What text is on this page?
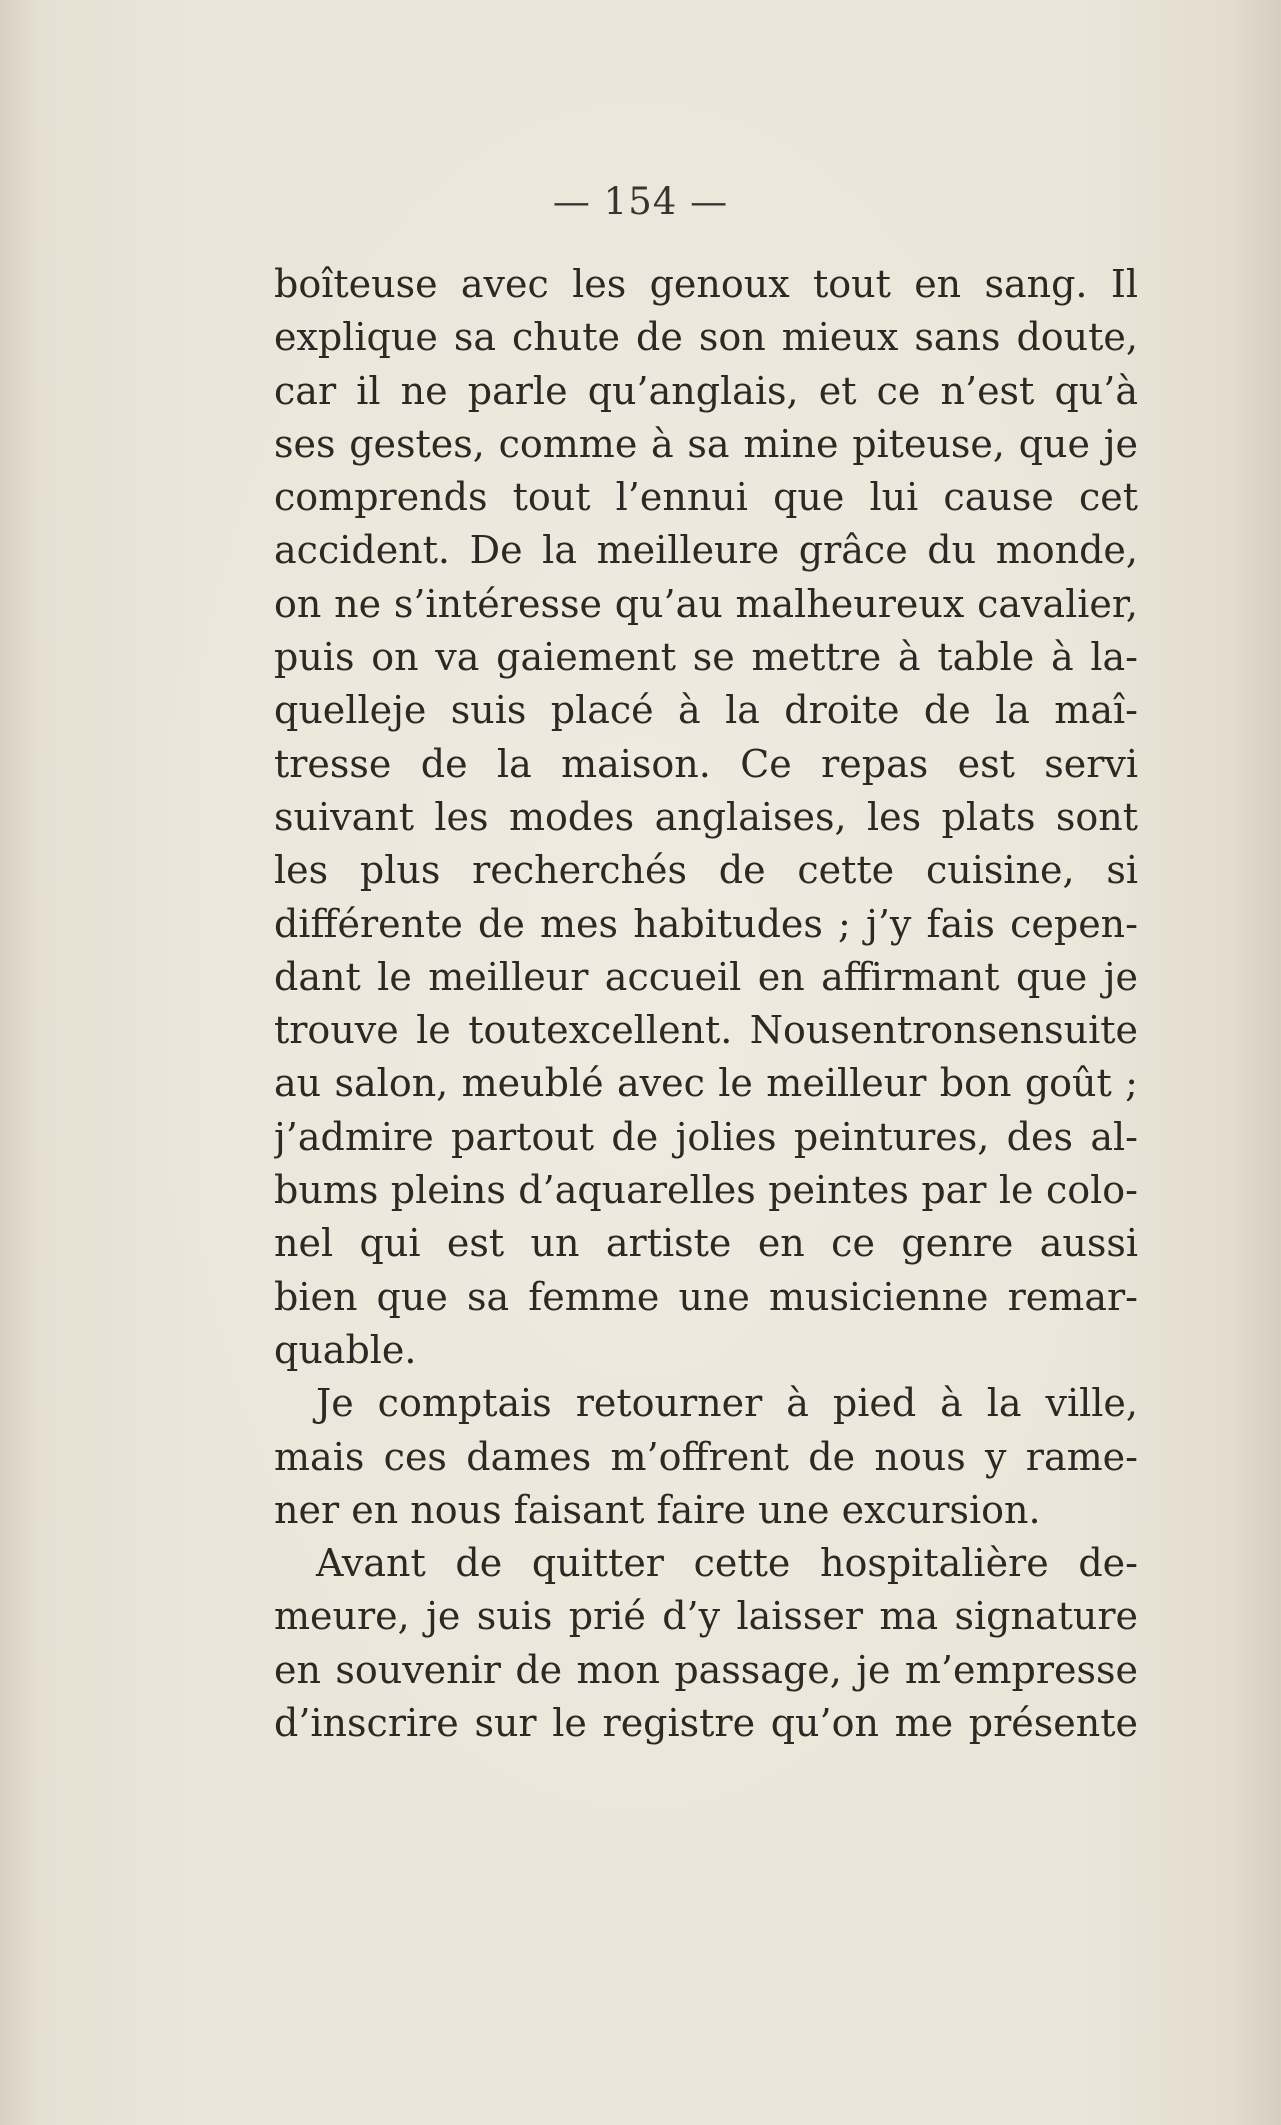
— 154 —
boîteuse avec les genoux tout en sang. Il
explique sa chute de son mieux sans doute,
car il ne parle qu’anglais, et ce n’est qu’à
ses gestes, comme à sa mine piteuse, que je
comprends tout l’ennui que lui cause cet
accident. De la meilleure grâce du monde,
on ne s’intéresse qu’au malheureux cavalier,
puis on va gaiement se mettre à table à la-
quelleje suis placé à la droite de la maî-
tresse de la maison. Ce repas est servi
suivant les modes anglaises, les plats sont
les plus recherchés de cette cuisine, si
différente de mes habitudes ; j’y fais cepen-
dant le meilleur accueil en affirmant que je
trouve le toutexcellent. Nousentronsensuite
au salon, meublé avec le meilleur bon goût ;
j’admire partout de jolies peintures, des al-
bums pleins d’aquarelles peintes par le colo-
nel qui est un artiste en ce genre aussi
bien que sa femme une musicienne remar-
quable.
Je comptais retourner à pied à la ville,
mais ces dames m’offrent de nous y rame-
ner en nous faisant faire une excursion.
Avant de quitter cette hospitalière de-
meure, je suis prié d’y laisser ma signature
en souvenir de mon passage, je m’empresse
d’inscrire sur le registre qu’on me présente
